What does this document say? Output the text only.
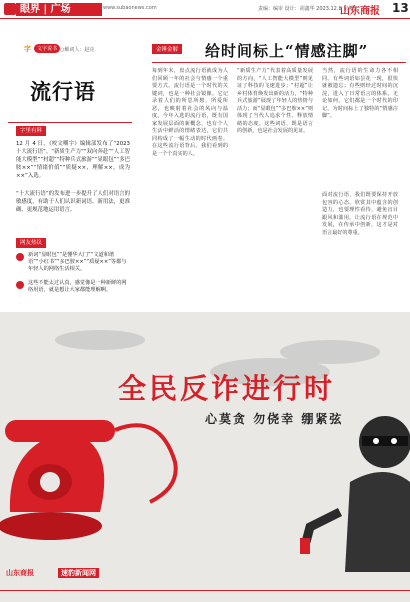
眼界 | 广场	www.subaonews.com	责编：编审 设计：胡鑫华 2023.12.8 星期五
山东商报 13
字	文字说书 ○解词人：赵亮
流行语
字里有料
12 月 4 日，《咬文嚼字》编辑部发布了“2023 十大流行语”。“新质生产力”“双向奔赴”“人工智能大模型”“村超”“特种兵式旅游”“显眼包”“多巴胺××”“情绪价值”“质疑××，理解××，成为××”入选。
“十大流行语”的发布进一步提升了人们对语言的敏感度，有助于人们认识新词语、新用法，更准确、更规范地运用语言。
网友热议
新词“显眼包”“是懂华大门”“文道和谐语”“小红书”“多巴胺××”“质疑××”等都与年轻人的网络生活相关。
这些不能太过认真，感觉像是一种新鲜的网络用语，就是想让大家都能理解啊。
金锤金解 给时间标上“情感注脚”
每到年末，盘点流行语就成为人们回顾一年的社会与情感一个重要方式。流行语是一个时代的关键词，也是一种社会镜像。它记录着人们的所思所想，所爱所恶，也映射着社会的风向与温度。今年入选的流行语，既有国家发展层面的新概念，也有个人生活中鲜活的情绪表达，它们共同构成了一幅生动的时代画卷。在这些流行语背后，我们看到的是一个个真实的人。
“新质生产力”代表着高质量发展的方向，“人工智能大模型”则见证了科技的飞速进步；“村超”让乡村体育焕发出新的活力，“特种兵式旅游”展现了年轻人的热情与活力；而“显眼包”“多巴胺××”则体现了当代人追求个性、释放情绪的态度。这些词语，既是语言的创新，也是社会发展的见证。
当然，流行语的生命力各不相同。有些词语如昙花一现，很快就被遗忘；有些则经过时间的沉淀，进入了日常语言的体系。无论如何，它们都是一个时代的印记，为时间标上了独特的“情感注脚”。
面对流行语，我们既要保持开放包容的心态，欣赏其中蕴含的创造力，也要理性看待，避免盲目跟风和滥用。让流行语在规范中发展，在传承中创新，这才是对语言最好的尊重。
全民反诈进行时
心莫贪 勿侥幸 绷紧弦
山东商报	速豹新闻网
